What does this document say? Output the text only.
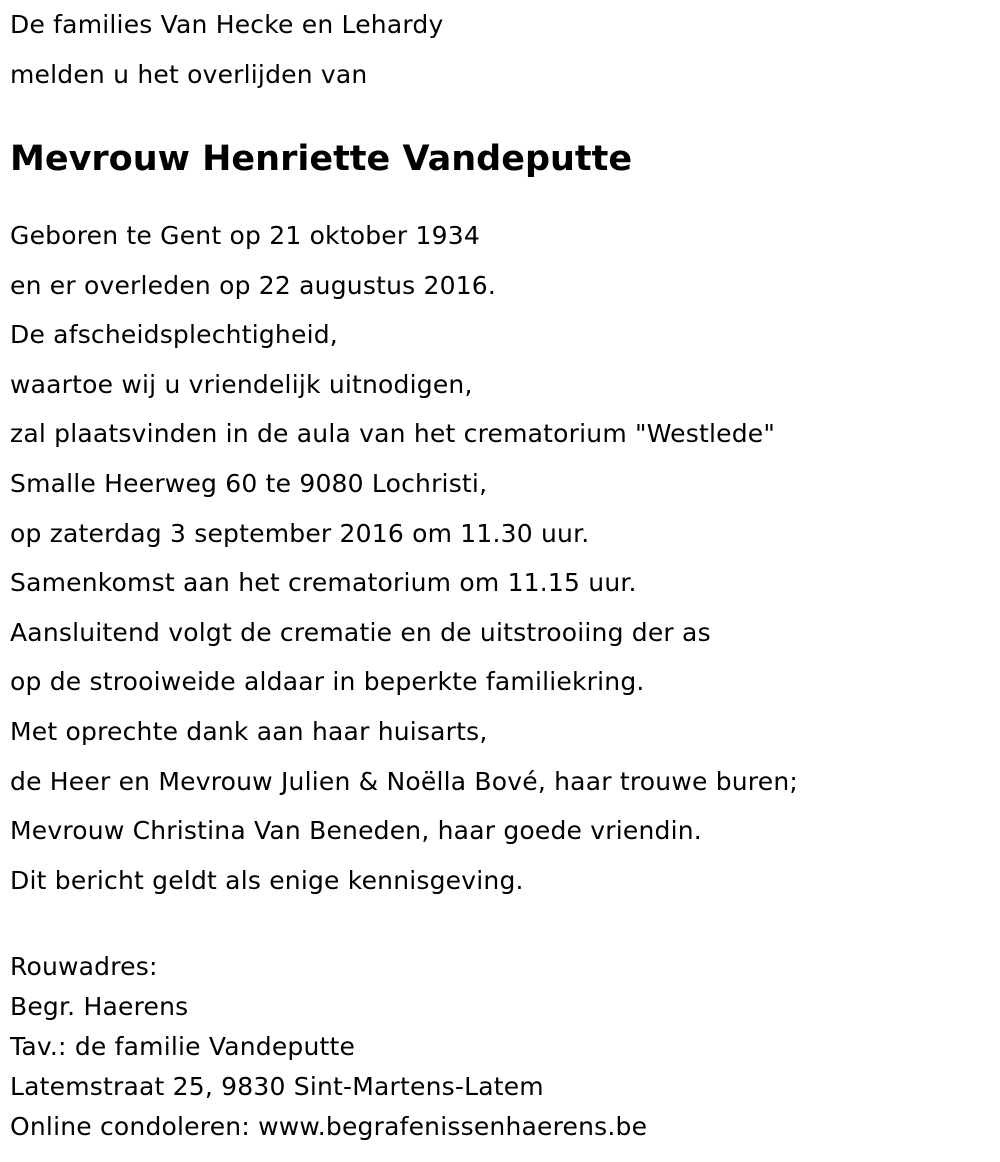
De families Van Hecke en Lehardy
melden u het overlijden van
Mevrouw Henriette Vandeputte
Geboren te Gent op 21 oktober 1934
en er overleden op 22 augustus 2016.
De afscheidsplechtigheid,
waartoe wij u vriendelijk uitnodigen,
zal plaatsvinden in de aula van het crematorium "Westlede"
Smalle Heerweg 60 te 9080 Lochristi,
op zaterdag 3 september 2016 om 11.30 uur.
Samenkomst aan het crematorium om 11.15 uur.
Aansluitend volgt de crematie en de uitstrooiing der as
op de strooiweide aldaar in beperkte familiekring.
Met oprechte dank aan haar huisarts,
de Heer en Mevrouw Julien & Noëlla Bové, haar trouwe buren;
Mevrouw Christina Van Beneden, haar goede vriendin.
Dit bericht geldt als enige kennisgeving.
Rouwadres:
Begr. Haerens
Tav.: de familie Vandeputte
Latemstraat 25, 9830 Sint-Martens-Latem
Online condoleren: www.begrafenissenhaerens.be
